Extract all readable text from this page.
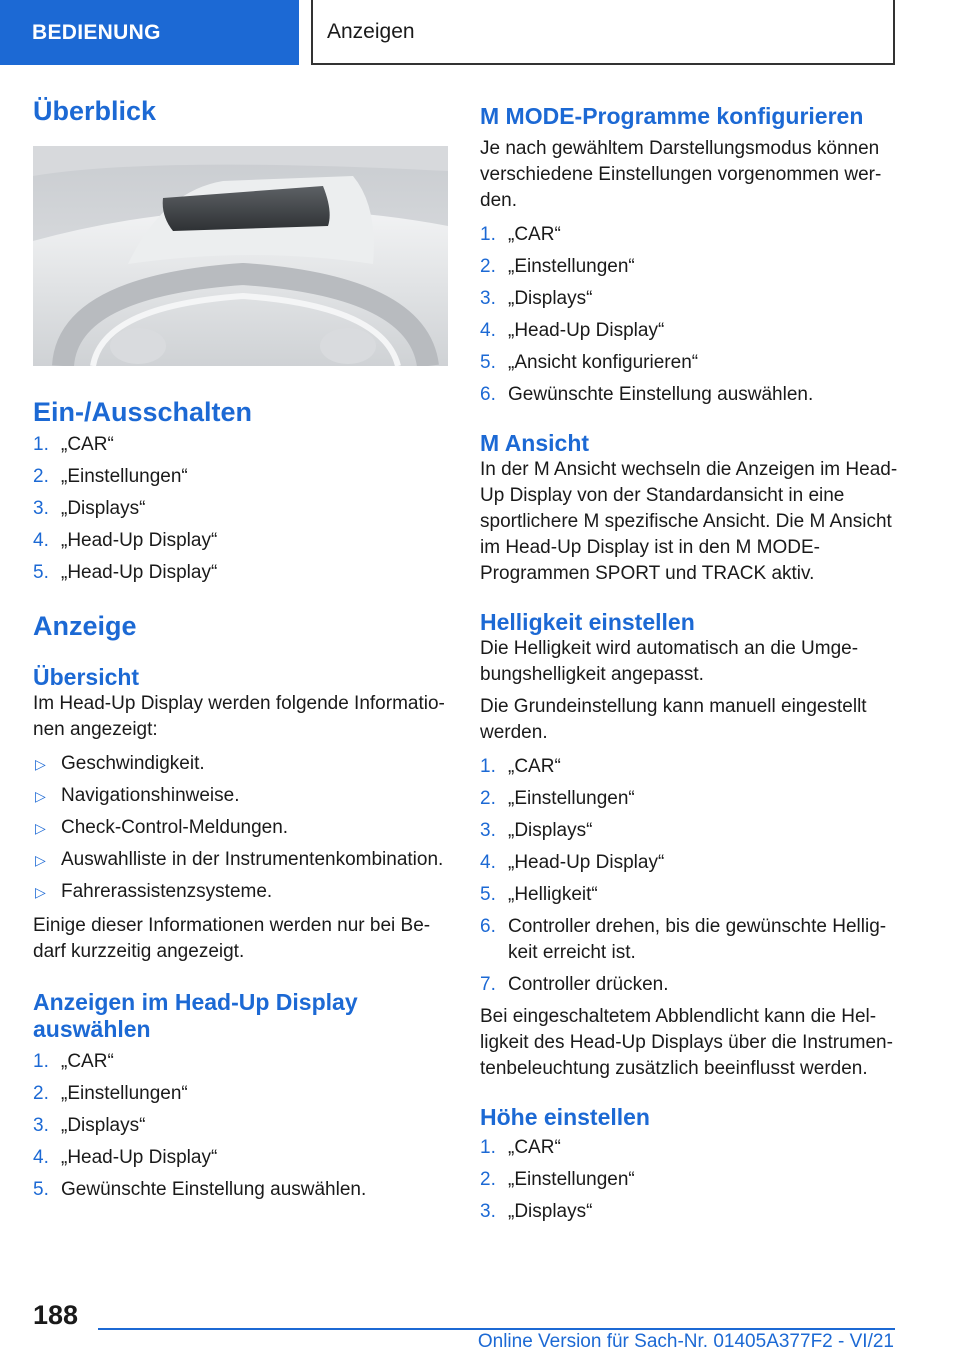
BEDIENUNG	Anzeigen
Überblick
Ein-/Ausschalten
1. „CAR“
2. „Einstellungen“
3. „Displays“
4. „Head-Up Display“
5. „Head-Up Display“
Anzeige
Übersicht

Im Head-Up Display werden folgende Informationen angezeigt:

▷ Geschwindigkeit.
▷ Navigationshinweise.
▷ Check-Control-Meldungen.
▷ Auswahlliste in der Instrumentenkombination.
▷ Fahrerassistenzsysteme.

Einige dieser Informationen werden nur bei Bedarf kurzzeitig angezeigt.

Anzeigen im Head-Up Display auswählen
1. „CAR“
2. „Einstellungen“
3. „Displays“
4. „Head-Up Display“
5. Gewünschte Einstellung auswählen.
M MODE-Programme konfigurieren

Je nach gewähltem Darstellungsmodus können verschiedene Einstellungen vorgenommen werden.

1. „CAR“
2. „Einstellungen“
3. „Displays“
4. „Head-Up Display“
5. „Ansicht konfigurieren“
6. Gewünschte Einstellung auswählen.
M Ansicht

In der M Ansicht wechseln die Anzeigen im Head-Up Display von der Standardansicht in eine sportlichere M spezifische Ansicht. Die M Ansicht im Head-Up Display ist in den M MODE-Programmen SPORT und TRACK aktiv.

Helligkeit einstellen

Die Helligkeit wird automatisch an die Umgebungshelligkeit angepasst.

Die Grundeinstellung kann manuell eingestellt werden.

1. „CAR“
2. „Einstellungen“
3. „Displays“
4. „Head-Up Display“
5. „Helligkeit“
6. Controller drehen, bis die gewünschte Helligkeit erreicht ist.
7. Controller drücken.

Bei eingeschaltetem Abblendlicht kann die Helligkeit des Head-Up Displays über die Instrumentenbeleuchtung zusätzlich beeinflusst werden.

Höhe einstellen
1. „CAR“
2. „Einstellungen“
3. „Displays“
188
Online Version für Sach-Nr. 01405A377F2 - VI/21
